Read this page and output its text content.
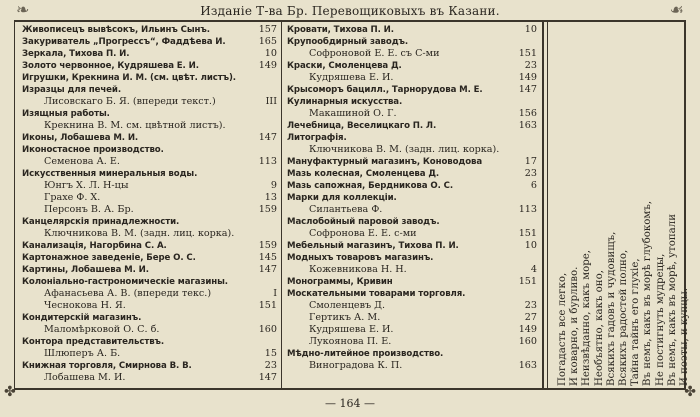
❧	Изданіе Т-ва Бр. Перевощиковыхъ въ Казани.	☙
Живописецъ вывѣсокъ, Ильинъ Сынъ.	157
Закуриватель „Прогрессъ“, Фаддѣева И.	165
Зеркала, Тихова П. И.	10
Золото червонное, Кудряшева Е. И.	149
Игрушки, Крекнина И. М. (см. цвѣт. листъ).
Изразцы для печей.
Лисовскаго Б. Я. (впереди текст.)	III
Изящныя работы.
Крекнина В. М. см. цвѣтной листъ).
Иконы, Лобашева М. И.	147
Иконостасное производство.
Семенова А. Е.	113
Искусственныя минеральныя воды.
Юнгъ Х. Л. Н-цы	9
Грахе Ф. Х.	13
Персонъ В. А. Бр.	159
Канцелярскія принадлежности.
Ключникова В. М. (задн. лиц. корка).
Канализація, Нагорбина С. А.	159
Картонажное заведеніе, Бере О. С.	145
Картины, Лобашева М. И.	147
Колоніально-гастрономическіе магазины.
Афанасьева А. В. (впереди текс.)	I
Чеснокова Н. Я.	151
Кондитерскій магазинъ.
Маломѣрковой О. С. б.	160
Контора представительствъ.
Шлюперъ А. Б.	15
Книжная торговля, Смирнова В. В.	23
Лобашева М. И.	147
Кровати, Тихова П. И.	10
Крупообдирный заводъ.
Софроновой Е. Е. съ С-ми	151
Краски, Смоленцева Д.	23
Кудряшева Е. И.	149
Крысоморъ бацилл., Тарнорудова М. Е.	147
Кулинарныя искусства.
Макашиной О. Г.	156
Лечебница, Веселицкаго П. Л.	163
Литографія.
Ключникова В. М. (задн. лиц. корка).
Мануфактурный магазинъ, Коноводова	17
Мазь колесная, Смоленцева Д.	23
Мазь сапожная, Бердникова О. С.	6
Марки для коллекціи.
Силантьева Ф.	113
Маслобойный паровой заводъ.
Софронова Е. Е. с-ми	151
Мебельный магазинъ, Тихова П. И.	10
Модныхъ товаровъ магазинъ.
Кожевникова Н. Н.	4
Монограммы, Кривин	151
Москательными товарами торговля.
Смоленцевъ Д.	23
Гертикъ А. М.	27
Кудряшева Е. И.	149
Лукоянова П. Е.	160
Мѣдно-литейное производство.
Виноградова К. П.	163 Погадасть все легко, И коварно, и бурливо. Неизвѣданно, какъ море, Необъятно, какъ оно, Всякихъ гадовъ и чудовищъ, Всякихъ радостей полно, Тайна тайнъ его глухіе, Въ немъ, какъ въ морѣ глубокомъ, Не постигнуть мудрецы, Въ немъ, какъ въ морѣ, утопали И поэты, и купцы.
✤
— 164 —
✤
